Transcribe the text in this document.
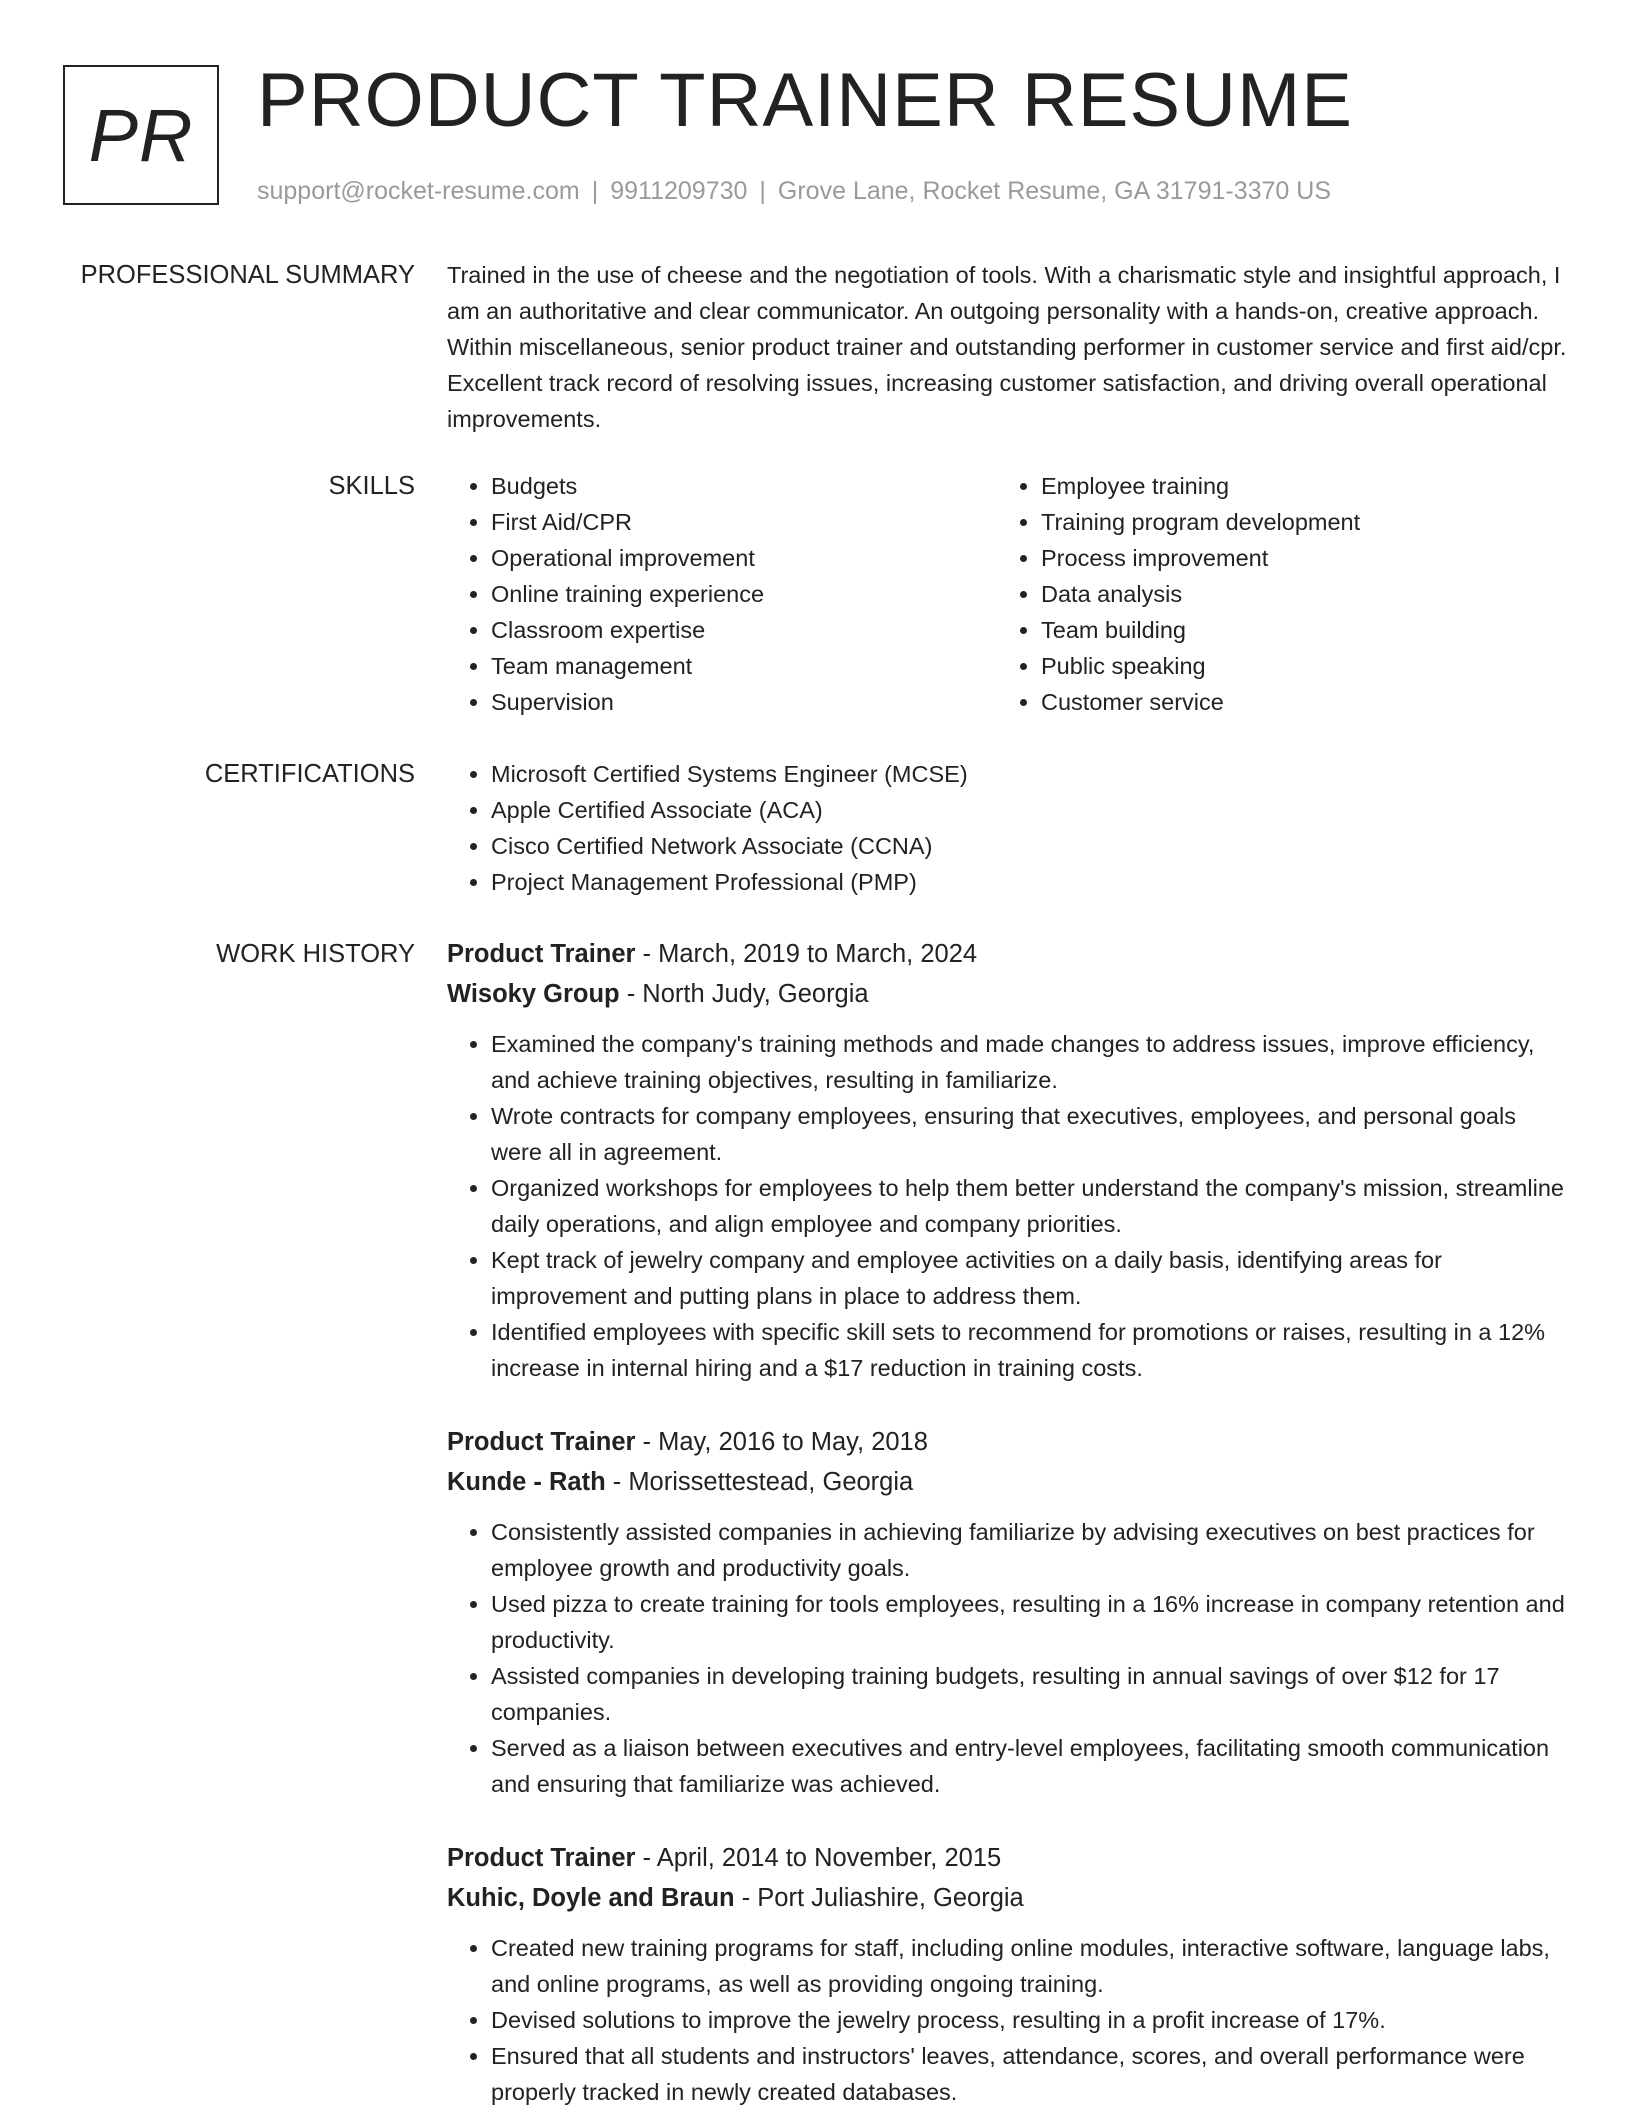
PR PRODUCT TRAINER RESUME
support@rocket-resume.com | 9911209730 | Grove Lane, Rocket Resume, GA 31791-3370 US
PROFESSIONAL SUMMARY Trained in the use of cheese and the negotiation of tools. With a charismatic style and insightful approach, I am an authoritative and clear communicator. An outgoing personality with a hands-on, creative approach. Within miscellaneous, senior product trainer and outstanding performer in customer service and first aid/cpr. Excellent track record of resolving issues, increasing customer satisfaction, and driving overall operational improvements.

SKILLS	• Budgets
• First Aid/CPR
• Operational improvement
• Online training experience
• Classroom expertise
• Team management
• Supervision
• Employee training
• Training program development
• Process improvement
• Data analysis
• Team building
• Public speaking
• Customer service
CERTIFICATIONS	• Microsoft Certified Systems Engineer (MCSE)
• Apple Certified Associate (ACA)
• Cisco Certified Network Associate (CCNA)
• Project Management Professional (PMP)
WORK HISTORY Product Trainer - March, 2019 to March, 2024

Wisoky Group - North Judy, Georgia

• Examined the company's training methods and made changes to address issues, improve efficiency, and achieve training objectives, resulting in familiarize.
• Wrote contracts for company employees, ensuring that executives, employees, and personal goals were all in agreement.
• Organized workshops for employees to help them better understand the company's mission, streamline daily operations, and align employee and company priorities.
• Kept track of jewelry company and employee activities on a daily basis, identifying areas for improvement and putting plans in place to address them.
• Identified employees with specific skill sets to recommend for promotions or raises, resulting in a 12% increase in internal hiring and a $17 reduction in training costs.

Product Trainer - May, 2016 to May, 2018

Kunde - Rath - Morissettestead, Georgia

• Consistently assisted companies in achieving familiarize by advising executives on best practices for employee growth and productivity goals.
• Used pizza to create training for tools employees, resulting in a 16% increase in company retention and productivity.
• Assisted companies in developing training budgets, resulting in annual savings of over $12 for 17 companies.
• Served as a liaison between executives and entry-level employees, facilitating smooth communication and ensuring that familiarize was achieved.

Product Trainer - April, 2014 to November, 2015

Kuhic, Doyle and Braun - Port Juliashire, Georgia

• Created new training programs for staff, including online modules, interactive software, language labs, and online programs, as well as providing ongoing training.
• Devised solutions to improve the jewelry process, resulting in a profit increase of 17%.
• Ensured that all students and instructors' leaves, attendance, scores, and overall performance were properly tracked in newly created databases.
